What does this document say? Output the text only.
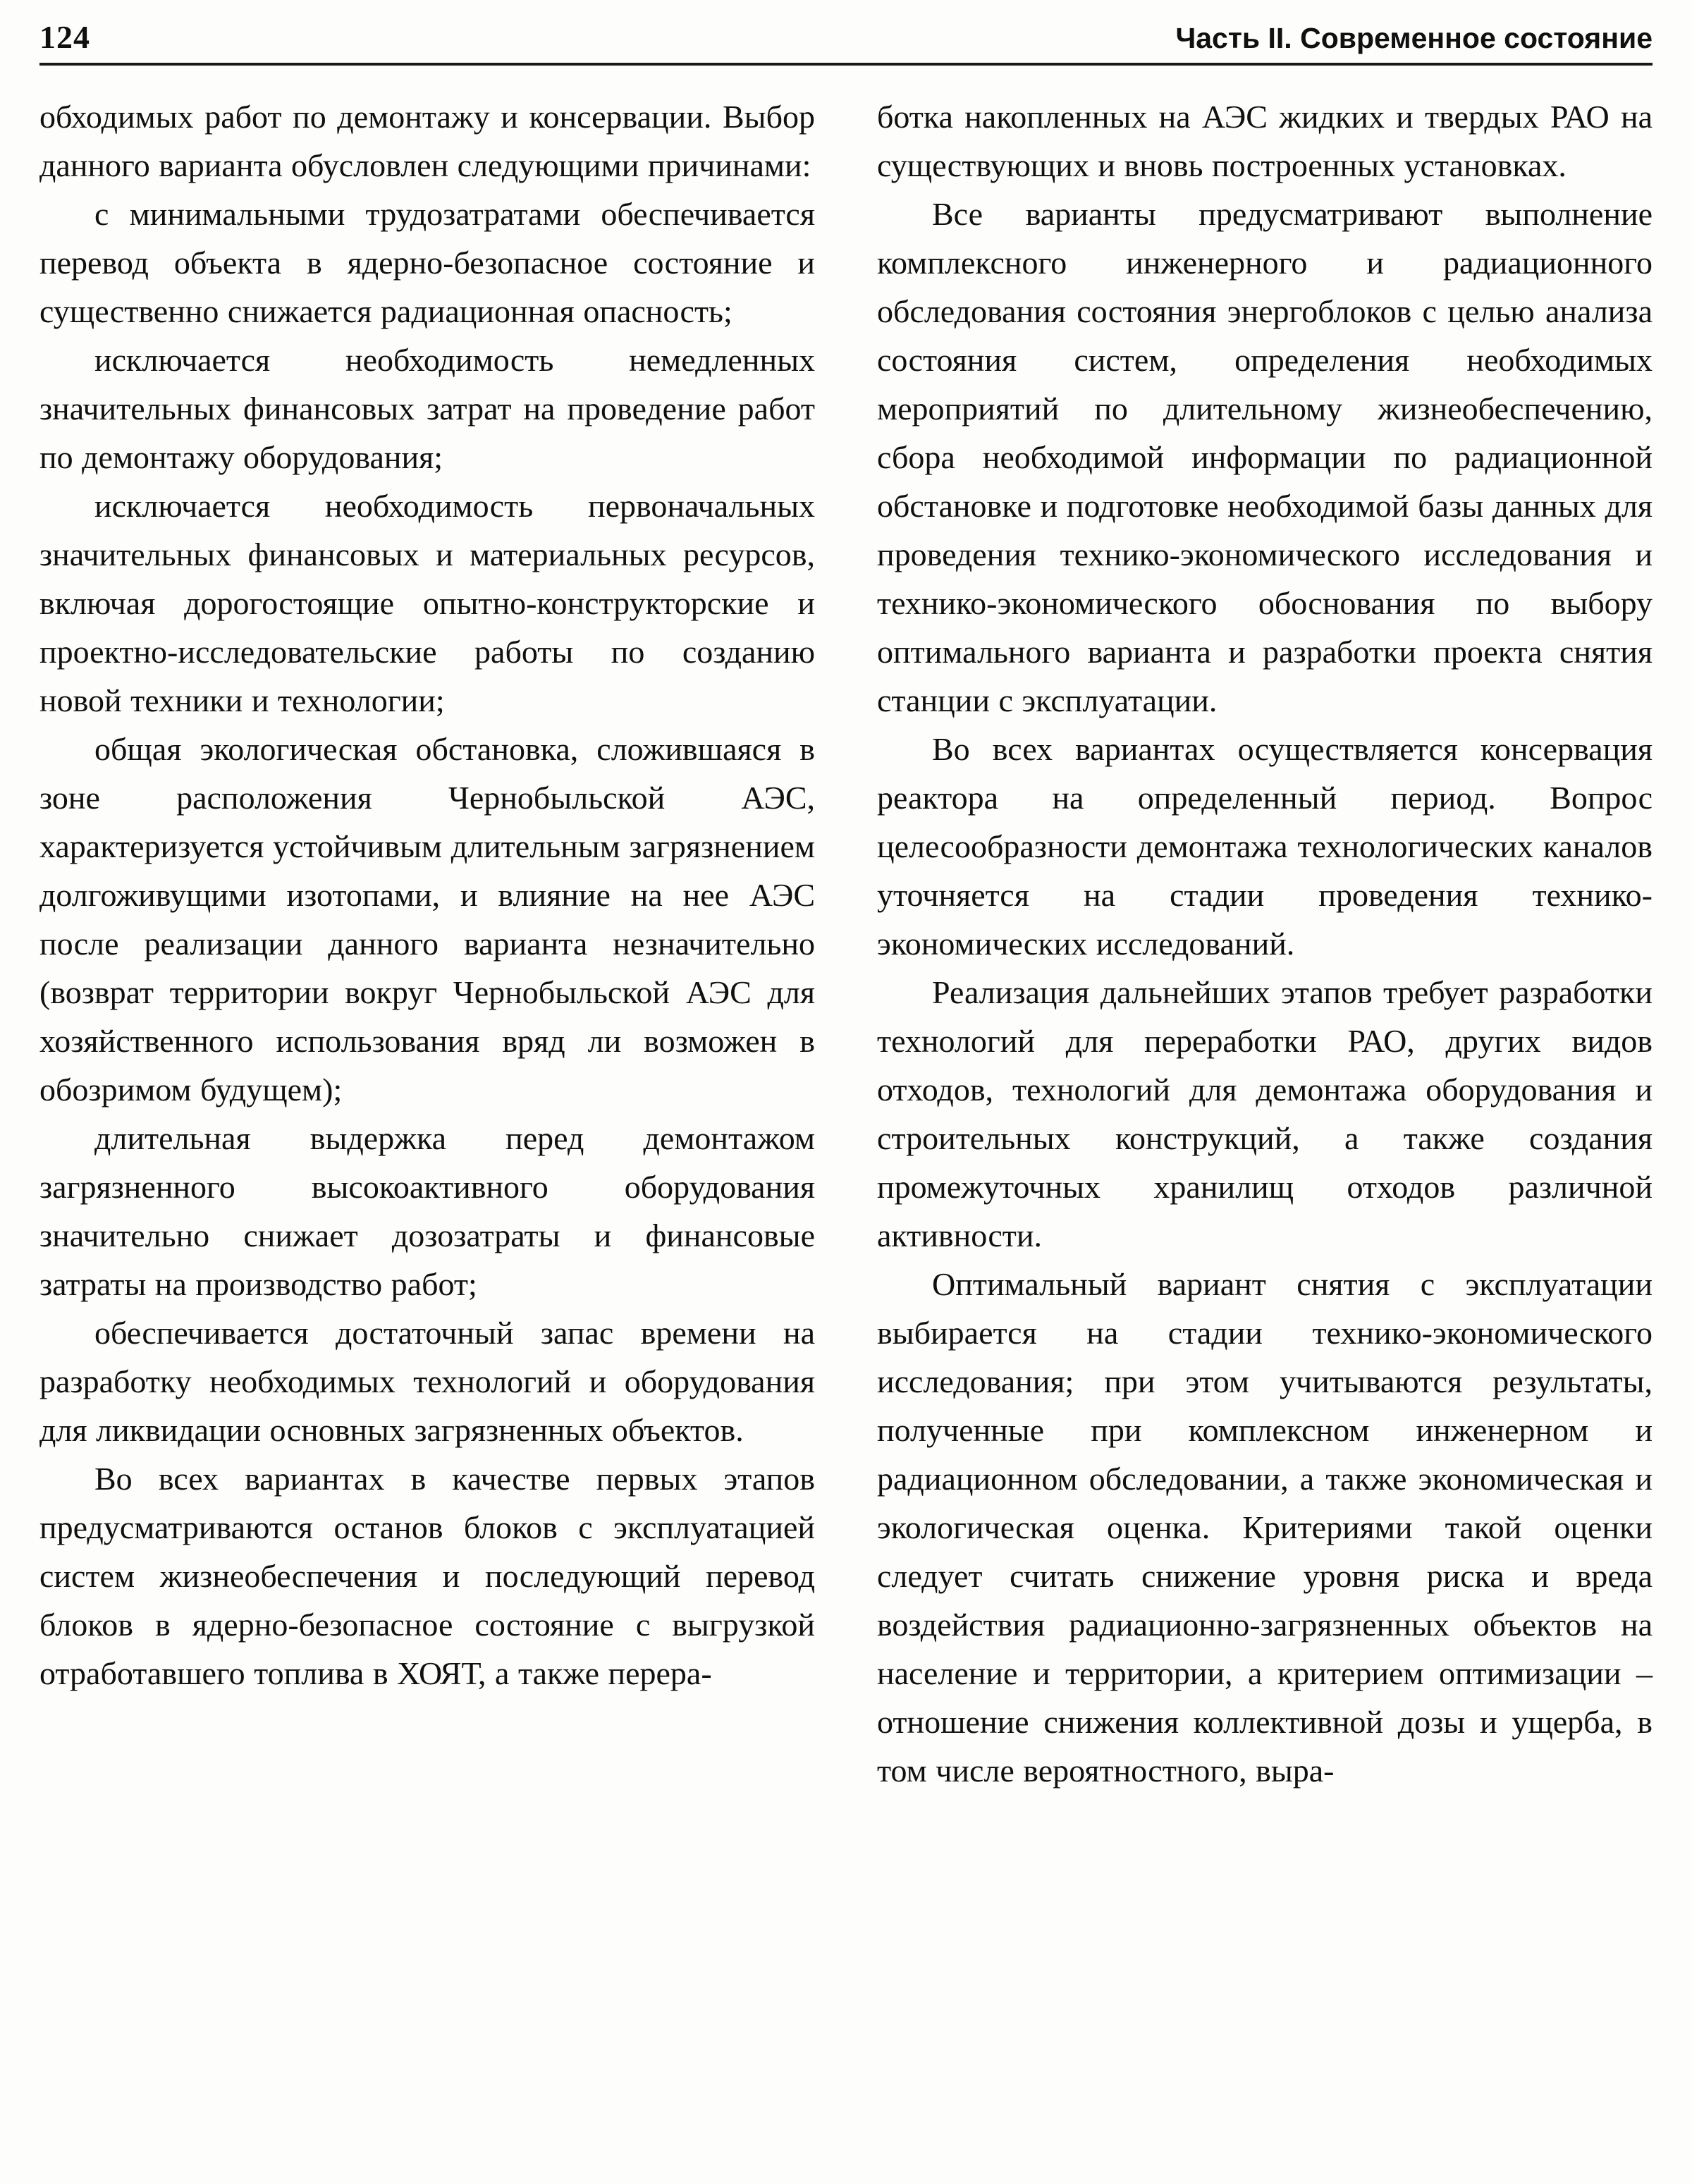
124	Часть II. Современное состояние

обходимых работ по демонтажу и консервации. Выбор данного варианта обусловлен следующими причинами:

с минимальными трудозатратами обеспечивается перевод объекта в ядерно-безопасное состояние и существенно снижается радиационная опасность;

исключается необходимость немедленных значительных финансовых затрат на проведение работ по демонтажу оборудования;

исключается необходимость первоначальных значительных финансовых и материальных ресурсов, включая дорогостоящие опытно-конструкторские и проектно-исследовательские работы по созданию новой техники и технологии;

общая экологическая обстановка, сложившаяся в зоне расположения Чернобыльской АЭС, характеризуется устойчивым длительным загрязнением долгоживущими изотопами, и влияние на нее АЭС после реализации данного варианта незначительно (возврат территории вокруг Чернобыльской АЭС для хозяйственного использования вряд ли возможен в обозримом будущем);

длительная выдержка перед демонтажом загрязненного высокоактивного оборудования значительно снижает дозозатраты и финансовые затраты на производство работ;

обеспечивается достаточный запас времени на разработку необходимых технологий и оборудования для ликвидации основных загрязненных объектов.

Во всех вариантах в качестве первых этапов предусматриваются останов блоков с эксплуатацией систем жизнеобеспечения и последующий перевод блоков в ядерно-безопасное состояние с выгрузкой отработавшего топлива в ХОЯТ, а также перера-

ботка накопленных на АЭС жидких и твердых РАО на существующих и вновь построенных установках.

Все варианты предусматривают выполнение комплексного инженерного и радиационного обследования состояния энергоблоков с целью анализа состояния систем, определения необходимых мероприятий по длительному жизнеобеспечению, сбора необходимой информации по радиационной обстановке и подготовке необходимой базы данных для проведения технико-экономического исследования и технико-экономического обоснования по выбору оптимального варианта и разработки проекта снятия станции с эксплуатации.

Во всех вариантах осуществляется консервация реактора на определенный период. Вопрос целесообразности демонтажа технологических каналов уточняется на стадии проведения технико-экономических исследований.

Реализация дальнейших этапов требует разработки технологий для переработки РАО, других видов отходов, технологий для демонтажа оборудования и строительных конструкций, а также создания промежуточных хранилищ отходов различной активности.

Оптимальный вариант снятия с эксплуатации выбирается на стадии технико-экономического исследования; при этом учитываются результаты, полученные при комплексном инженерном и радиационном обследовании, а также экономическая и экологическая оценка. Критериями такой оценки следует считать снижение уровня риска и вреда воздействия радиационно-загрязненных объектов на население и территории, а критерием оптимизации – отношение снижения коллективной дозы и ущерба, в том числе вероятностного, выра-
